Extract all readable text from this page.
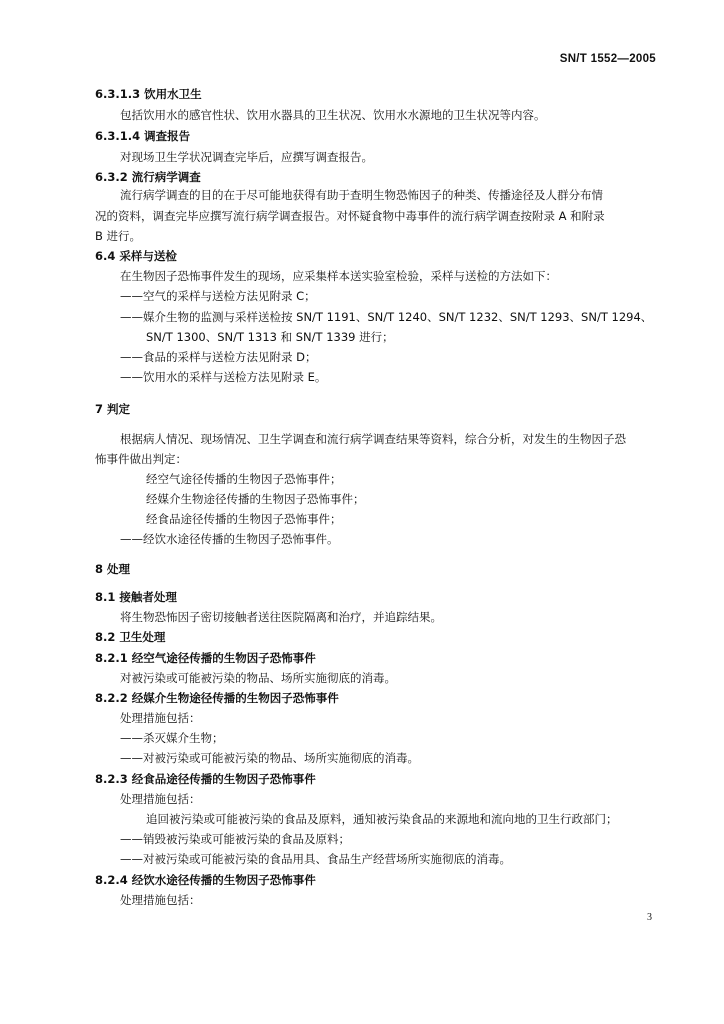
SN/T 1552—2005
6.3.1.3 饮用水卫生
包括饮用水的感官性状、饮用水器具的卫生状况、饮用水水源地的卫生状况等内容。
6.3.1.4 调查报告
对现场卫生学状况调查完毕后，应撰写调查报告。
6.3.2 流行病学调查
流行病学调查的目的在于尽可能地获得有助于查明生物恐怖因子的种类、传播途径及人群分布情
况的资料，调查完毕应撰写流行病学调查报告。对怀疑食物中毒事件的流行病学调查按附录 A 和附录
B 进行。
6.4 采样与送检
在生物因子恐怖事件发生的现场，应采集样本送实验室检验，采样与送检的方法如下：
——空气的采样与送检方法见附录 C；
——媒介生物的监测与采样送检按 SN/T 1191、SN/T 1240、SN/T 1232、SN/T 1293、SN/T 1294、
SN/T 1300、SN/T 1313 和 SN/T 1339 进行；
——食品的采样与送检方法见附录 D；
——饮用水的采样与送检方法见附录 E。
7 判定
根据病人情况、现场情况、卫生学调查和流行病学调查结果等资料，综合分析，对发生的生物因子恐
怖事件做出判定：
经空气途径传播的生物因子恐怖事件；
经媒介生物途径传播的生物因子恐怖事件；
经食品途径传播的生物因子恐怖事件；
——经饮水途径传播的生物因子恐怖事件。
8 处理
8.1 接触者处理
将生物恐怖因子密切接触者送往医院隔离和治疗，并追踪结果。
8.2 卫生处理
8.2.1 经空气途径传播的生物因子恐怖事件
对被污染或可能被污染的物品、场所实施彻底的消毒。
8.2.2 经媒介生物途径传播的生物因子恐怖事件
处理措施包括：
——杀灭媒介生物；
——对被污染或可能被污染的物品、场所实施彻底的消毒。
8.2.3 经食品途径传播的生物因子恐怖事件
处理措施包括：
追回被污染或可能被污染的食品及原料，通知被污染食品的来源地和流向地的卫生行政部门；
——销毁被污染或可能被污染的食品及原料；
——对被污染或可能被污染的食品用具、食品生产经营场所实施彻底的消毒。
8.2.4 经饮水途径传播的生物因子恐怖事件
处理措施包括：
3
